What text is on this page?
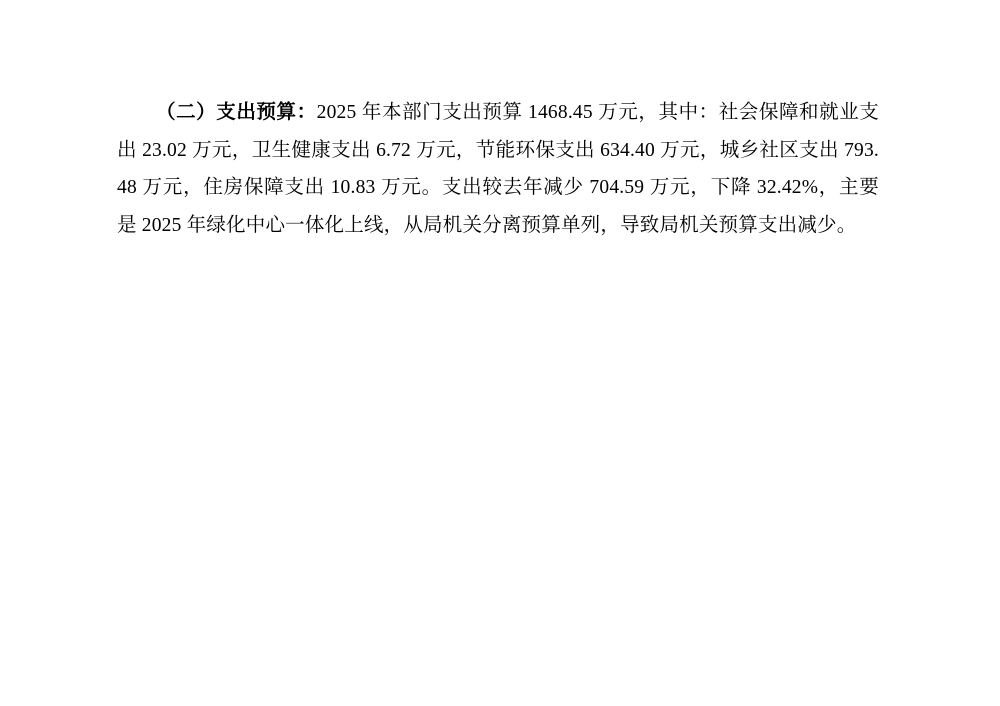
（二）支出预算：2025 年本部门支出预算 1468.45 万元，其中：社会保障和就业支出 23.02 万元，卫生健康支出 6.72 万元，节能环保支出 634.40 万元，城乡社区支出 793.48 万元，住房保障支出 10.83 万元。支出较去年减少 704.59 万元，下降 32.42%，主要是 2025 年绿化中心一体化上线，从局机关分离预算单列，导致局机关预算支出减少。
